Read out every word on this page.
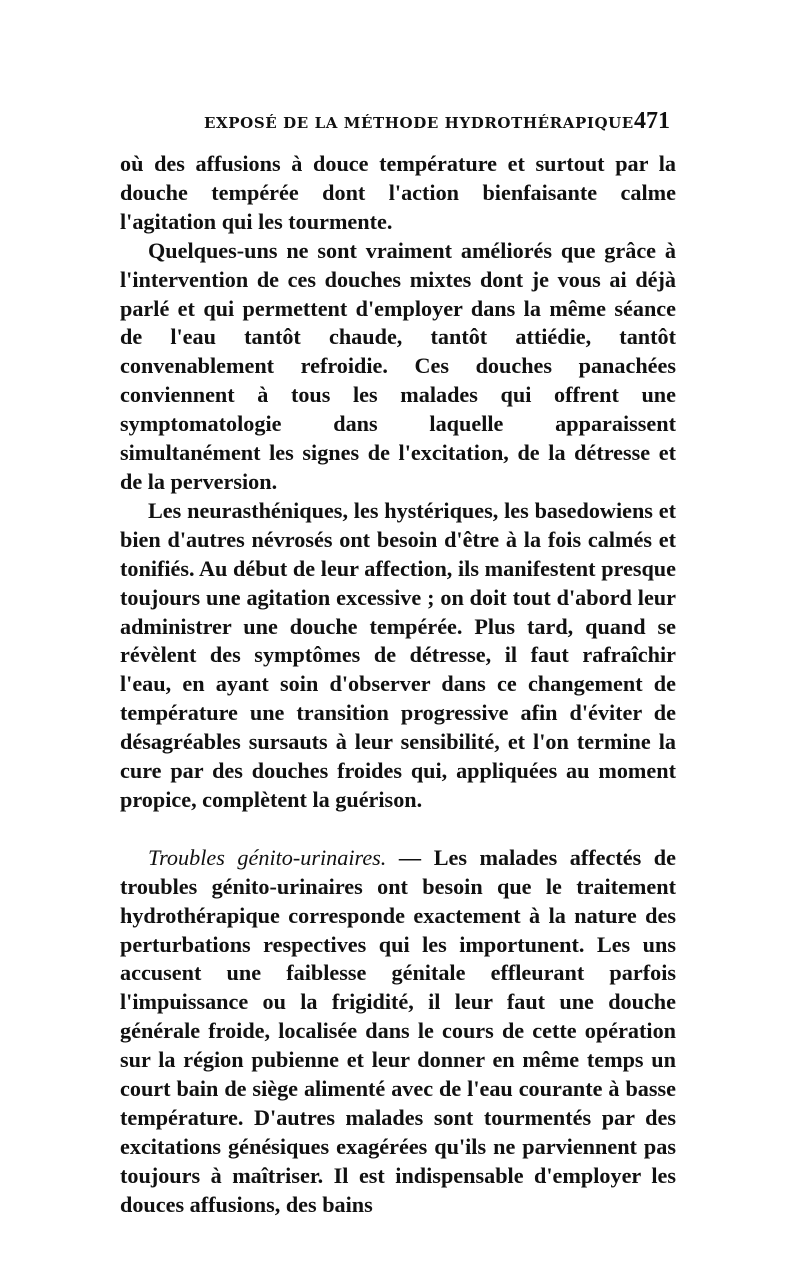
EXPOSÉ DE LA MÉTHODE HYDROTHÉRAPIQUE 471

où des affusions à douce température et surtout par la douche tempérée dont l'action bienfaisante calme l'agitation qui les tourmente.

Quelques-uns ne sont vraiment améliorés que grâce à l'intervention de ces douches mixtes dont je vous ai déjà parlé et qui permettent d'employer dans la même séance de l'eau tantôt chaude, tantôt attiédie, tantôt convenablement refroidie. Ces douches panachées conviennent à tous les malades qui offrent une symptomatologie dans laquelle apparaissent simultanément les signes de l'excitation, de la détresse et de la perversion.

Les neurasthéniques, les hystériques, les basedowiens et bien d'autres névrosés ont besoin d'être à la fois calmés et tonifiés. Au début de leur affection, ils manifestent presque toujours une agitation excessive ; on doit tout d'abord leur administrer une douche tempérée. Plus tard, quand se révèlent des symptômes de détresse, il faut rafraîchir l'eau, en ayant soin d'observer dans ce changement de température une transition progressive afin d'éviter de désagréables sursauts à leur sensibilité, et l'on termine la cure par des douches froides qui, appliquées au moment propice, complètent la guérison.

Troubles génito-urinaires. — Les malades affectés de troubles génito-urinaires ont besoin que le traitement hydrothérapique corresponde exactement à la nature des perturbations respectives qui les importunent. Les uns accusent une faiblesse génitale effleurant parfois l'impuissance ou la frigidité, il leur faut une douche générale froide, localisée dans le cours de cette opération sur la région pubienne et leur donner en même temps un court bain de siège alimenté avec de l'eau courante à basse température. D'autres malades sont tourmentés par des excitations génésiques exagérées qu'ils ne parviennent pas toujours à maîtriser. Il est indispensable d'employer les douces affusions, des bains
